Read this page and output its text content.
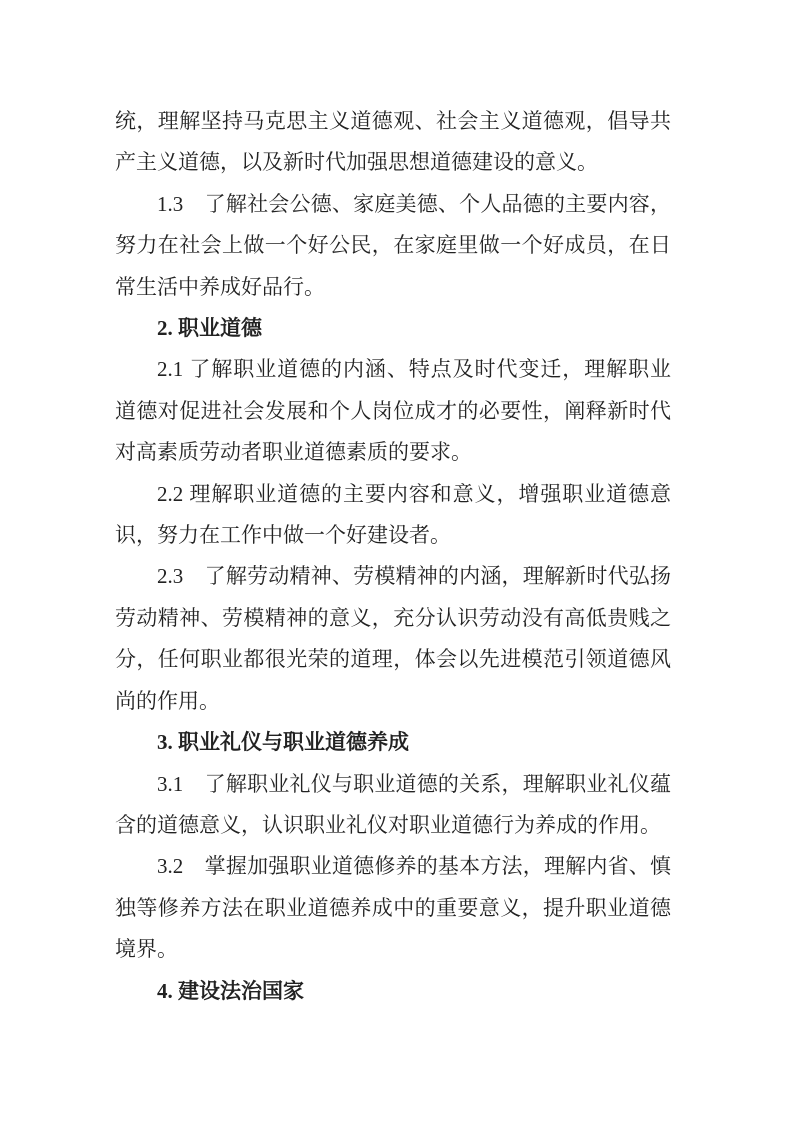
统，理解坚持马克思主义道德观、社会主义道德观，倡导共产主义道德，以及新时代加强思想道德建设的意义。

1.3　了解社会公德、家庭美德、个人品德的主要内容，努力在社会上做一个好公民，在家庭里做一个好成员，在日常生活中养成好品行。

2. 职业道德

2.1 了解职业道德的内涵、特点及时代变迁，理解职业道德对促进社会发展和个人岗位成才的必要性，阐释新时代对高素质劳动者职业道德素质的要求。

2.2 理解职业道德的主要内容和意义，增强职业道德意识，努力在工作中做一个好建设者。

2.3　了解劳动精神、劳模精神的内涵，理解新时代弘扬劳动精神、劳模精神的意义，充分认识劳动没有高低贵贱之分，任何职业都很光荣的道理，体会以先进模范引领道德风尚的作用。

3. 职业礼仪与职业道德养成

3.1　了解职业礼仪与职业道德的关系，理解职业礼仪蕴含的道德意义，认识职业礼仪对职业道德行为养成的作用。

3.2　掌握加强职业道德修养的基本方法，理解内省、慎独等修养方法在职业道德养成中的重要意义，提升职业道德境界。

4. 建设法治国家
